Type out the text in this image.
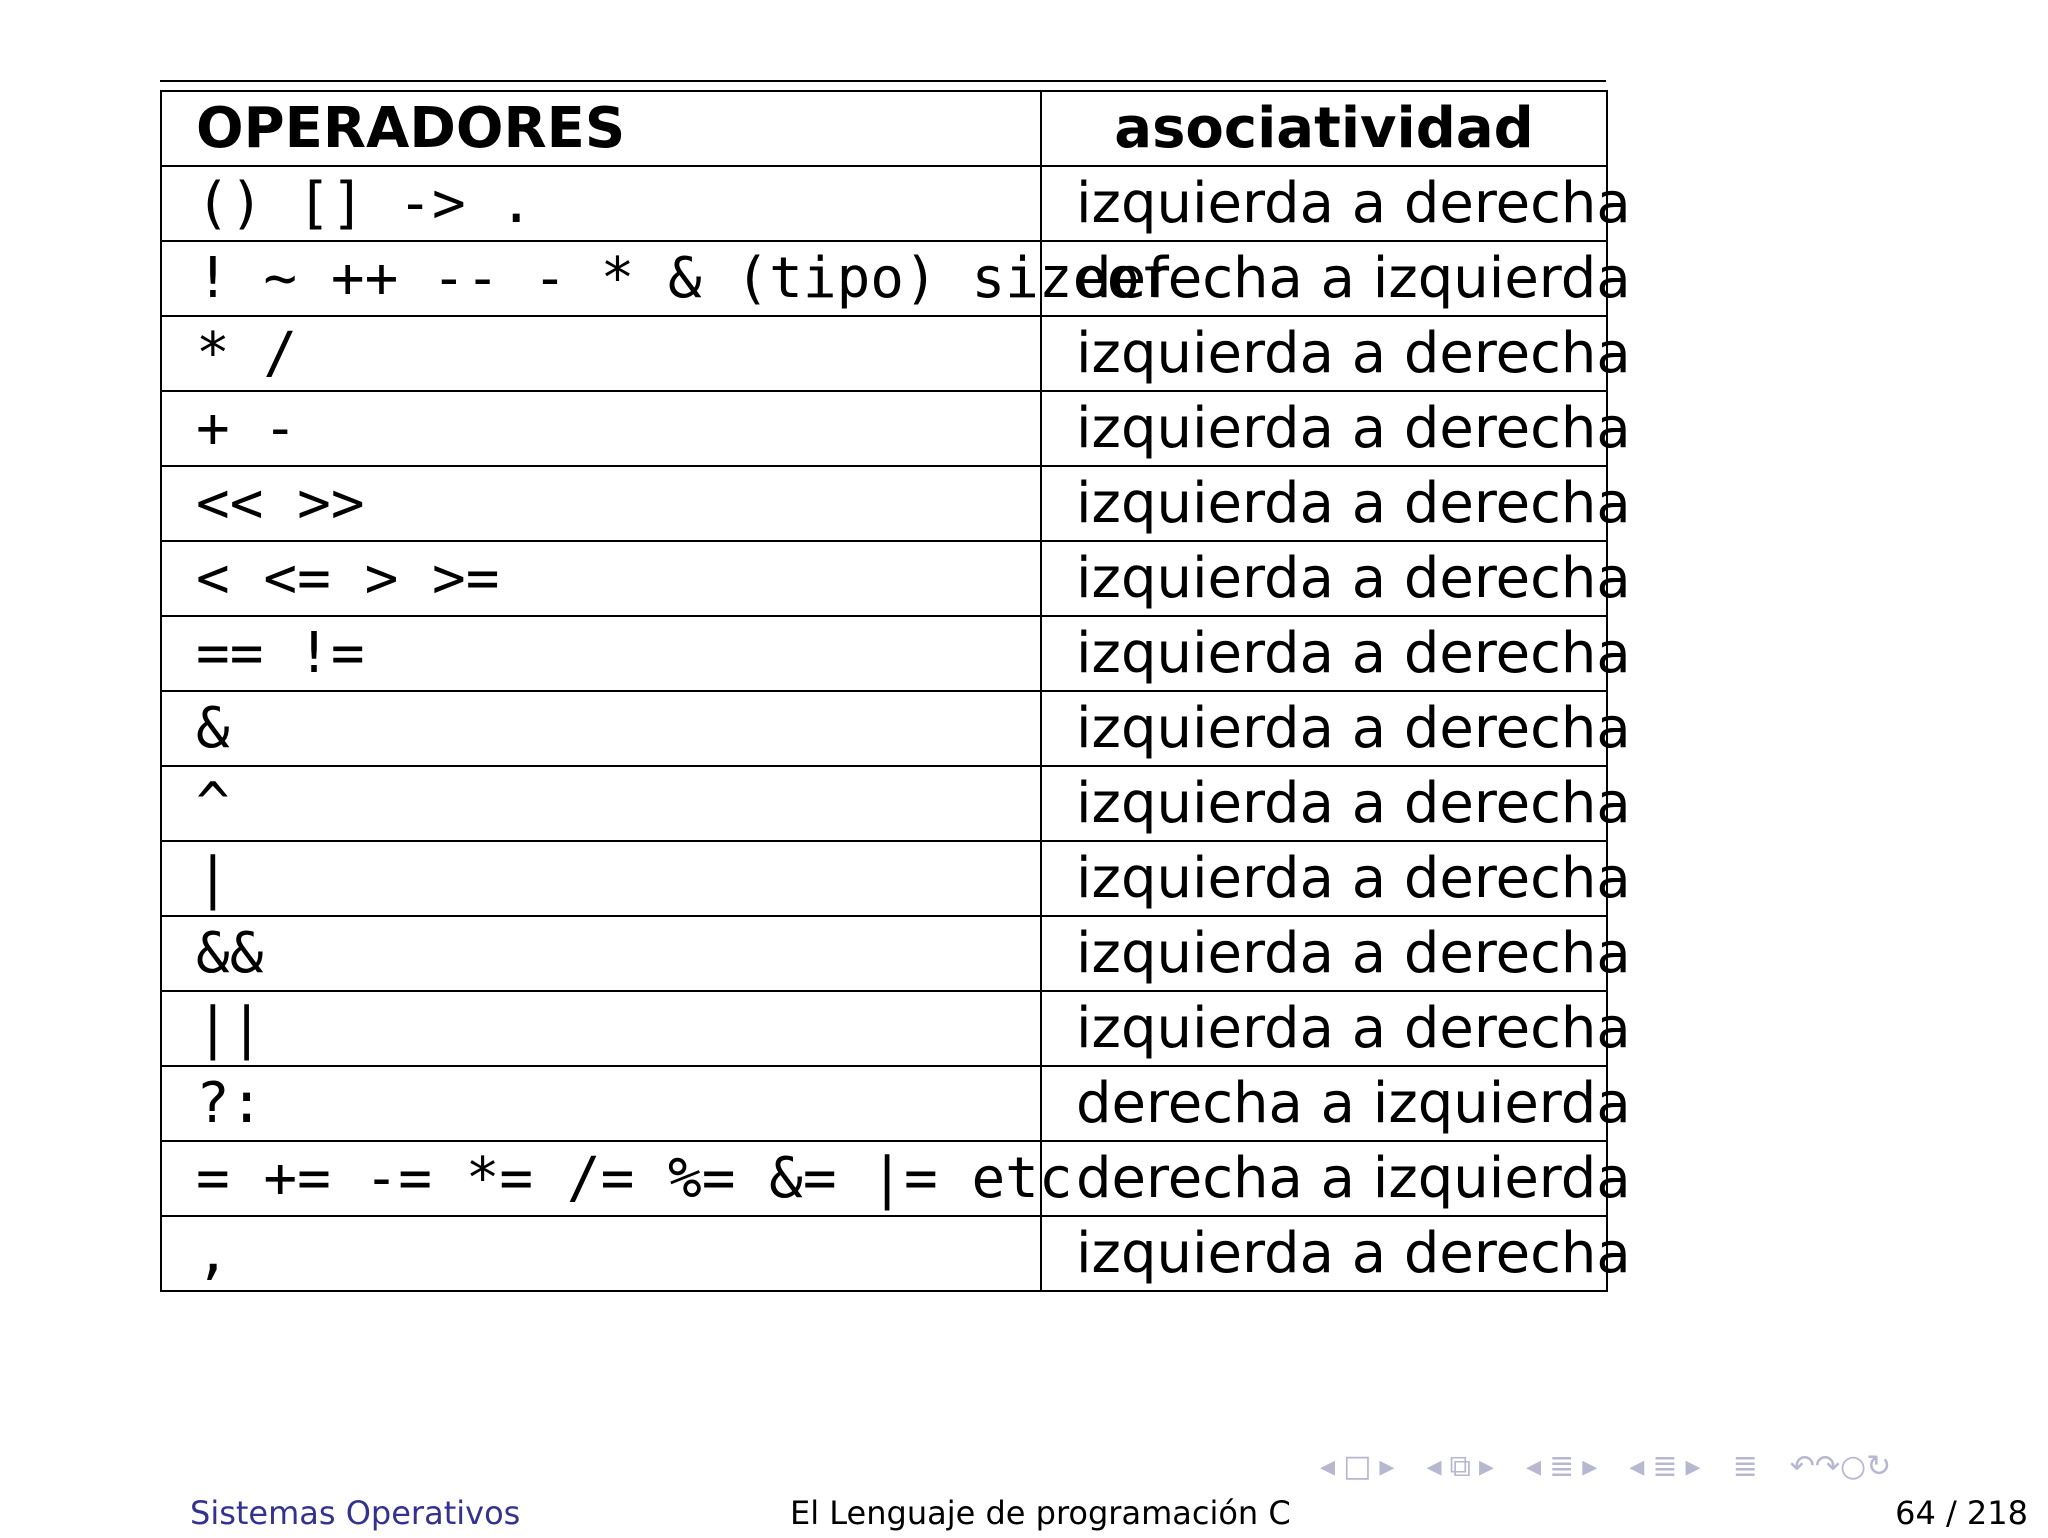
OPERADORES	asociatividad
() [] -> .	izquierda a derecha
! ~ ++ -- - * & (tipo) sizeof	derecha a izquierda
* /	izquierda a derecha
+ -	izquierda a derecha
<< >>	izquierda a derecha
< <= > >=	izquierda a derecha
== !=	izquierda a derecha
&	izquierda a derecha
^	izquierda a derecha
|	izquierda a derecha
&&	izquierda a derecha
||	izquierda a derecha
?:	derecha a izquierda
= += -= *= /= %= &= |= etc	derecha a izquierda
,	izquierda a derecha
◂ □ ▸ ◂ ⧉ ▸ ◂ ≣ ▸ ◂ ≣ ▸ ≣ ↶↷○↻
Sistemas Operativos	El Lenguaje de programación C	64 / 218
